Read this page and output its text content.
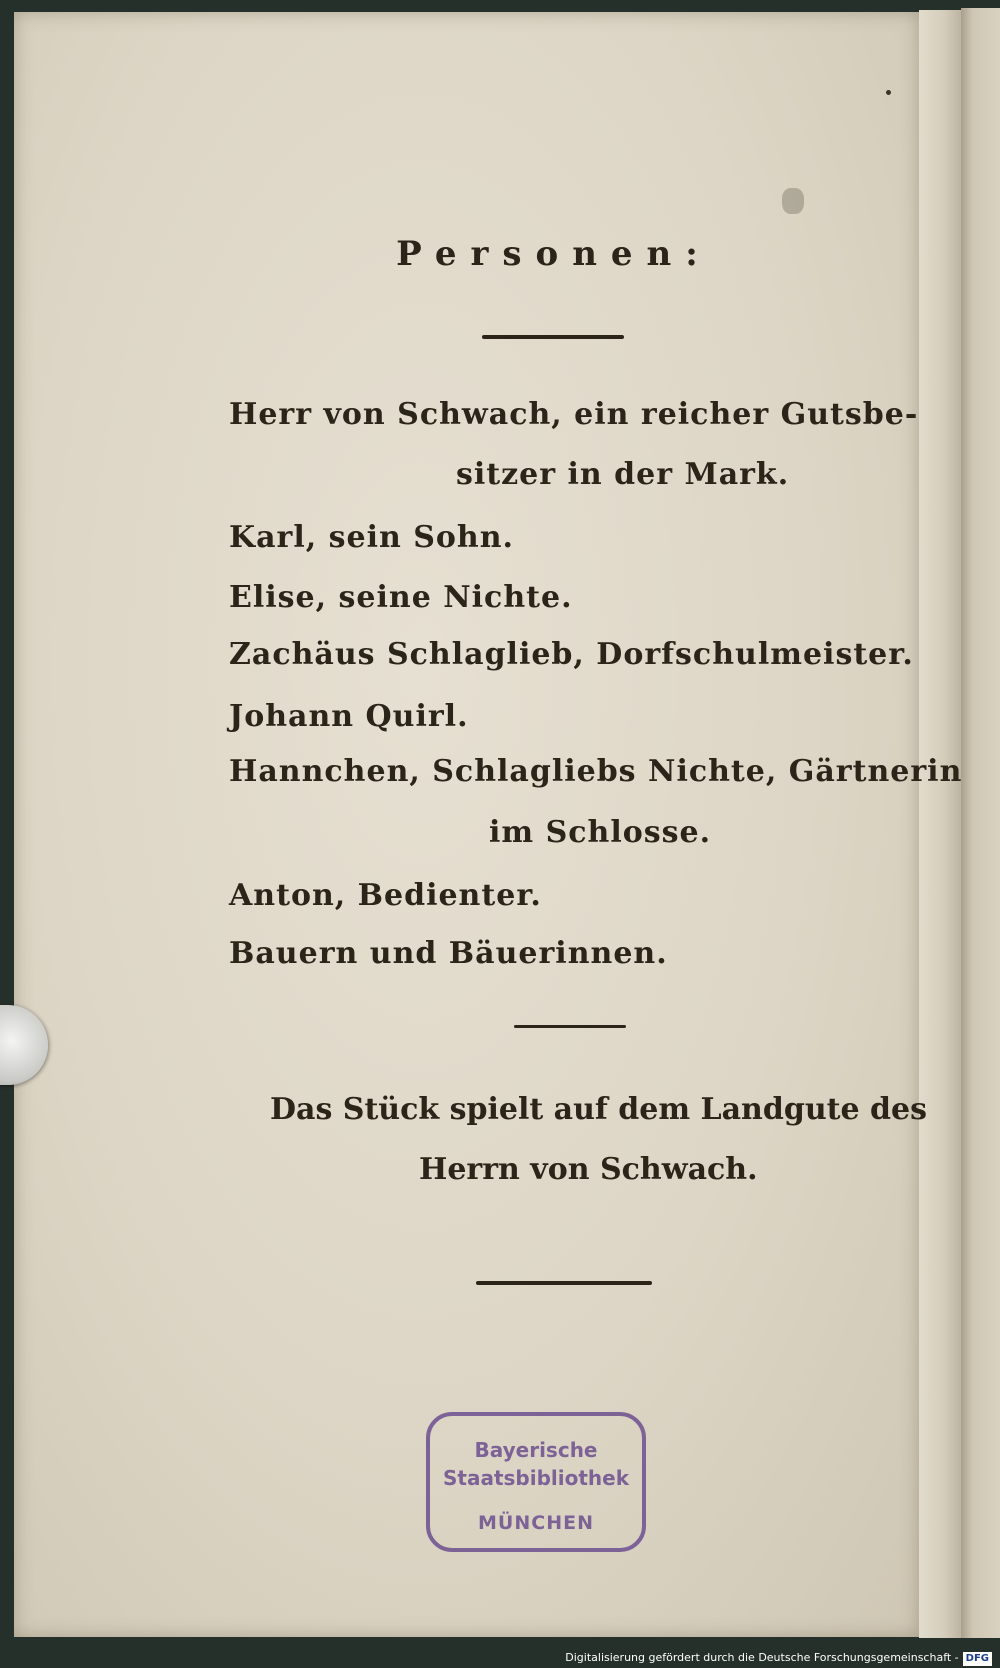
Personen:
Herr von Schwach, ein reicher Gutsbe-
sitzer in der Mark.
Karl, sein Sohn.
Elise, seine Nichte.
Zachäus Schlaglieb, Dorfschulmeister.
Johann Quirl.
Hannchen, Schlagliebs Nichte, Gärtnerin
im Schlosse.
Anton, Bedienter.
Bauern und Bäuerinnen.
Das Stück spielt auf dem Landgute des
Herrn von Schwach.
Bayerische
Staatsbibliothek
MÜNCHEN
Digitalisierung gefördert durch die Deutsche Forschungsgemeinschaft - DFG
